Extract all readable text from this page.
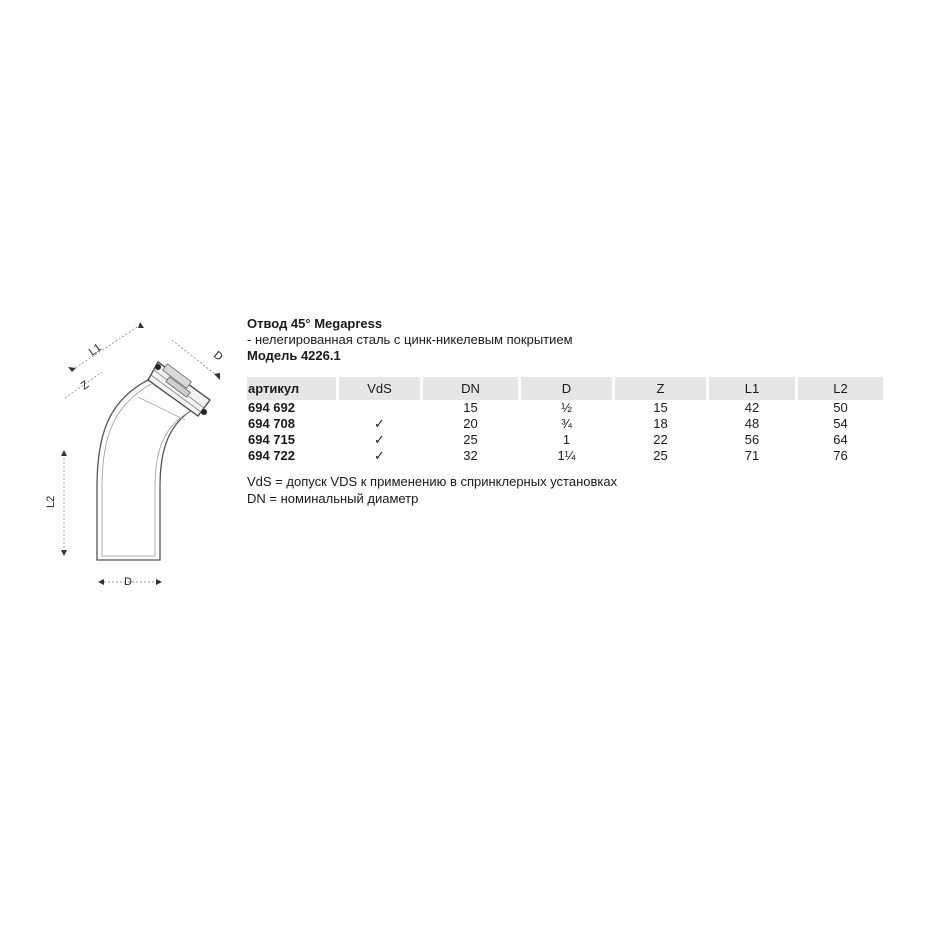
L1
Z
D
L2
D

Отвод 45° Megapress

- нелегированная сталь с цинк-никелевым покрытием

Модель 4226.1

артикул	VdS	DN	D	Z	L1	L2
694 692		15	½	15	42	50
694 708	✓	20	¾	18	48	54
694 715	✓	25	1	22	56	64
694 722	✓	32	1¼	25	71	76

VdS = допуск VDS к применению в спринклерных установках

DN = номинальный диаметр
